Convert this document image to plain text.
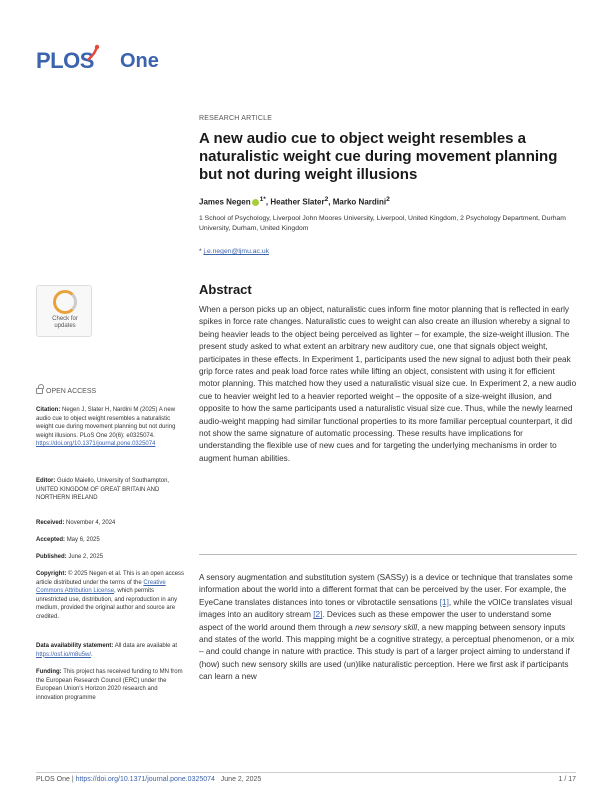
PLOS One
RESEARCH ARTICLE
A new audio cue to object weight resembles a naturalistic weight cue during movement planning but not during weight illusions
James Negen $^{1*}$, Heather Slater$^2$, Marko Nardini$^2$
1 School of Psychology, Liverpool John Moores University, Liverpool, United Kingdom, 2 Psychology Department, Durham University, Durham, United Kingdom
* j.e.negen@ljmu.ac.uk
Check for
updates
OPEN ACCESS
Citation: Negen J, Slater H, Nardini M (2025) A new audio cue to object weight resembles a naturalistic weight cue during movement planning but not during weight illusions. PLoS One 20(6): e0325074. https://doi.org/10.1371/journal.pone.0325074
Editor: Guido Maiello, University of Southampton, UNITED KINGDOM OF GREAT BRITAIN AND NORTHERN IRELAND
Received: November 4, 2024
Accepted: May 6, 2025
Published: June 2, 2025
Copyright: © 2025 Negen et al. This is an open access article distributed under the terms of the Creative Commons Attribution License, which permits unrestricted use, distribution, and reproduction in any medium, provided the original author and source are credited.
Data availability statement: All data are available at https://osf.io/m8u5w/.
Funding: This project has received funding to MN from the European Research Council (ERC) under the European Union's Horizon 2020 research and innovation programme
Abstract
When a person picks up an object, naturalistic cues inform fine motor planning that is reflected in early spikes in force rate changes. Naturalistic cues to weight can also create an illusion whereby a signal to being heavier leads to the object being perceived as lighter – for example, the size-weight illusion. The present study asked to what extent an arbitrary new auditory cue, one that signals object weight, participates in these effects. In Experiment 1, participants used the new signal to adjust both their peak grip force rates and peak load force rates while lifting an object, consistent with using it for efficient motor planning. This matched how they used a naturalistic visual size cue. In Experiment 2, a new audio cue to heavier weight led to a heavier reported weight – the opposite of a size-weight illusion, and opposite to how the same participants used a naturalistic visual size cue. Thus, while the newly learned audio-weight mapping had similar functional properties to its more familiar perceptual counterpart, it did not show the same signature of automatic processing. These results have implications for understanding the flexible use of new cues and for targeting the underlying mechanisms in order to augment human abilities.
A sensory augmentation and substitution system (SASSy) is a device or technique that translates some information about the world into a different format that can be perceived by the user. For example, the EyeCane translates distances into tones or vibrotactile sensations [1], while the vOICe translates visual images into an auditory stream [2]. Devices such as these empower the user to understand some aspect of the world around them through a new sensory skill, a new mapping between sensory inputs and states of the world. This mapping might be a cognitive strategy, a perceptual phenomenon, or a mix – and could change in nature with practice. This study is part of a larger project aiming to understand if (how) such new sensory skills are used (un)like naturalistic perception. Here we first ask if participants can learn a new
PLOS One | https://doi.org/10.1371/journal.pone.0325074 June 2, 2025	1 / 17
